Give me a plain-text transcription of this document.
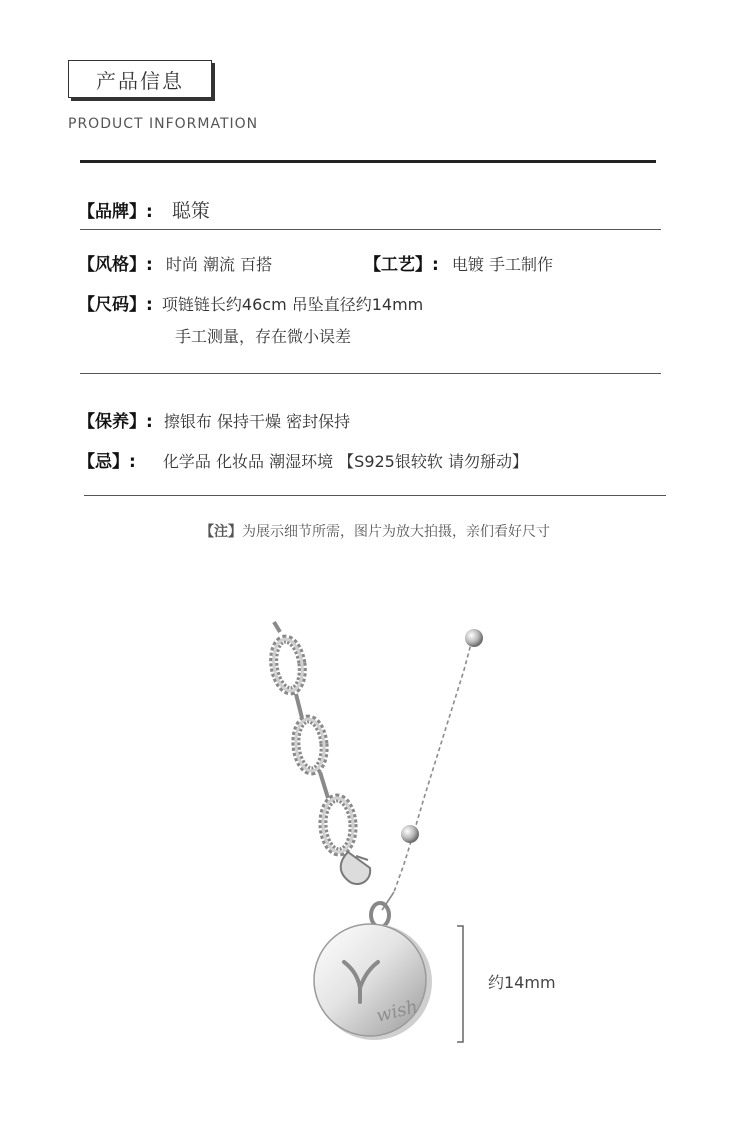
产品信息
PRODUCT INFORMATION
【品牌】: 聪策
【风格】: 时尚 潮流 百搭	【工艺】: 电镀 手工制作
【尺码】: 项链链长约46cm 吊坠直径约14mm
手工测量，存在微小误差
【保养】: 擦银布 保持干燥 密封保持
【忌】: 化学品 化妆品 潮湿环境 【S925银较软 请勿掰动】
【注】为展示细节所需，图片为放大拍摄，亲们看好尺寸
wish
约14mm
